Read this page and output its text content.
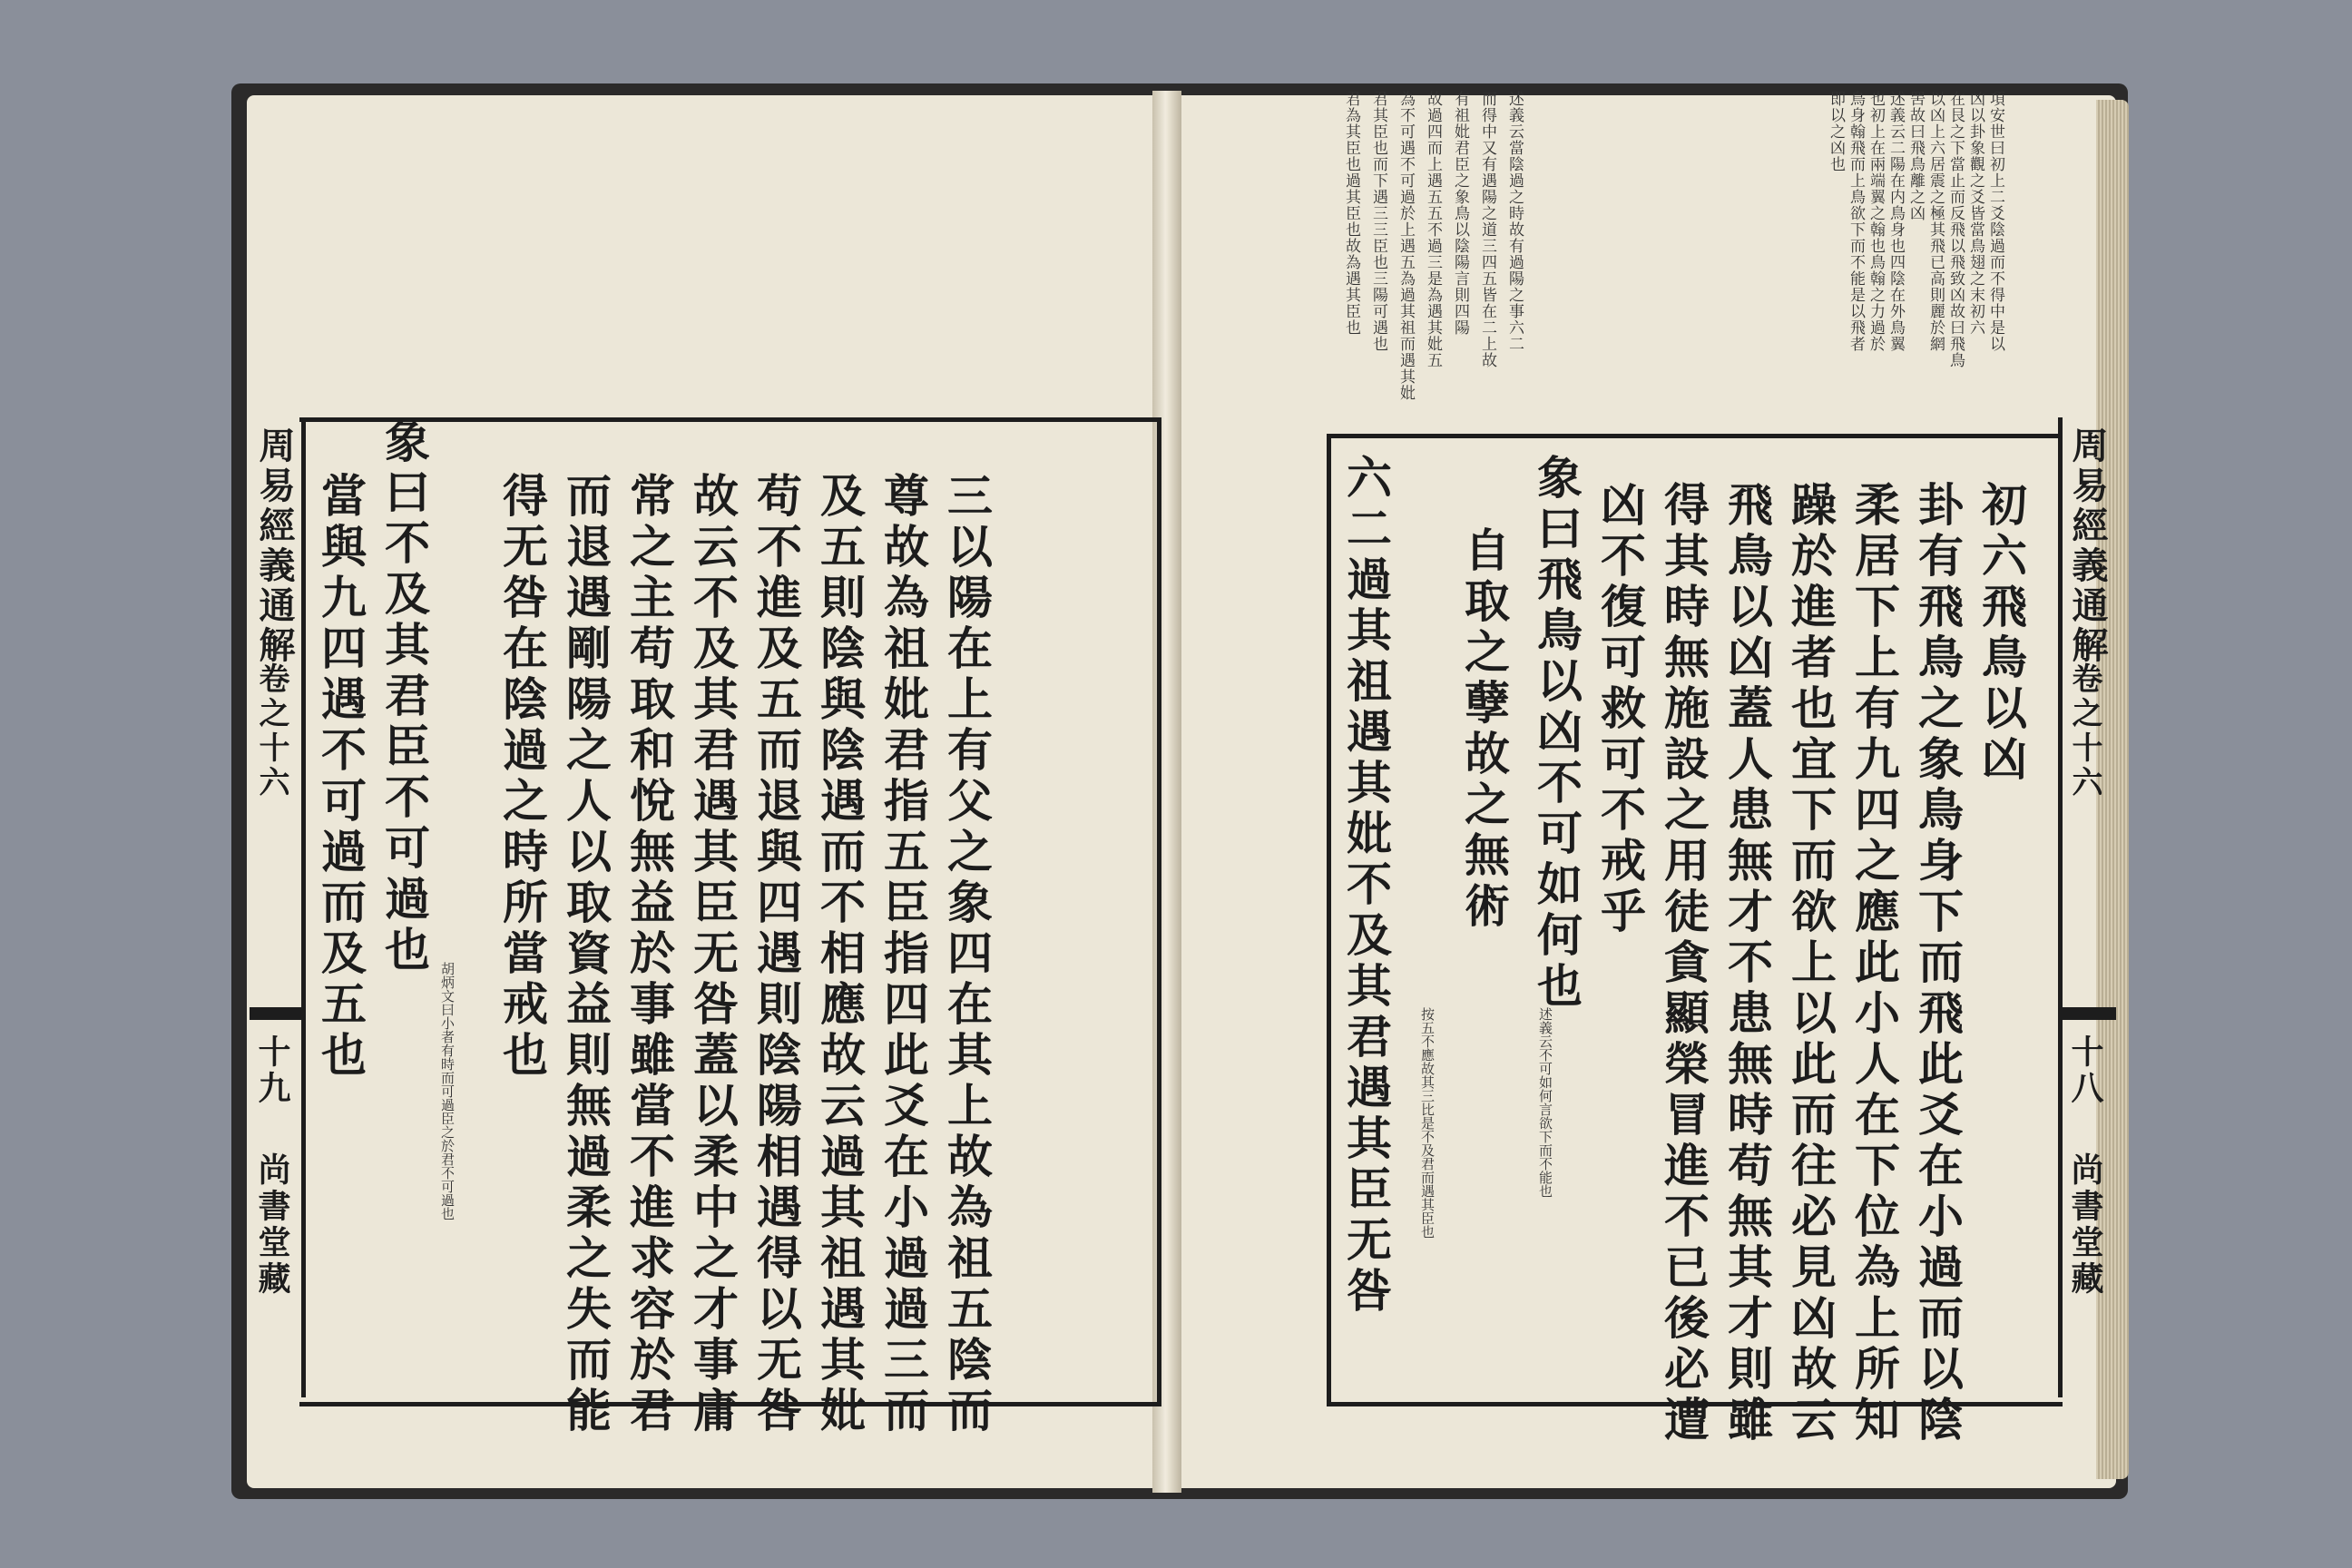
周易經義通解
卷之十六
十九
尚書堂藏	三以陽在上有父之象四在其上故為祖五陰而
尊故為祖妣君指五臣指四此爻在小過過三而
及五則陰與陰遇而不相應故云過其祖遇其妣
苟不進及五而退與四遇則陰陽相遇得以无咎
故云不及其君遇其臣无咎蓋以柔中之才事庸
常之主苟取和悅無益於事雖當不進求容於君
而退遇剛陽之人以取資益則無過柔之失而能
得无咎在陰過之時所當戒也
胡炳文曰小者有時而可過臣之於君不可過也
象曰不及其君臣不可過也
當與九四遇不可過而及五也
項安世曰初上二爻陰過而不得中是以
凶以卦象觀之爻皆當鳥翅之末初六
在艮之下當止而反飛以飛致凶故曰飛鳥
以凶上六居震之極其飛已高則麗於網
罟故曰飛鳥離之凶
述義云二陽在内鳥身也四陰在外鳥翼
也初上在兩端翼之翰也鳥翰之力過於
鳥身翰飛而上鳥欲下而不能是以飛者
即以之凶也
述義云當陰過之時故有過陽之事六二
而得中又有遇陽之道三四五皆在二上故
有祖妣君臣之象鳥以陰陽言則四陽
故過四而上遇五五不過三是為遇其妣五
為不可遇不可過於上遇五為過其祖而遇其妣
君其臣也而下遇三三臣也三陽可遇也
君為其臣也過其臣也故為遇其臣也
周易經義通解
卷之十六
十八
尚書堂藏
初六飛鳥以凶
卦有飛鳥之象鳥身下而飛此爻在小過而以陰
柔居下上有九四之應此小人在下位為上所知
躁於進者也宜下而欲上以此而往必見凶故云
飛鳥以凶蓋人患無才不患無時苟無其才則雖
得其時無施設之用徒貪顯榮冒進不已後必遭
凶不復可救可不戒乎
象曰飛鳥以凶不可如何也
述義云不可如何言欲下而不能也
自取之孽故之無術
按五不應故其三比是不及君而遇其臣也
六二過其祖遇其妣不及其君遇其臣无咎
